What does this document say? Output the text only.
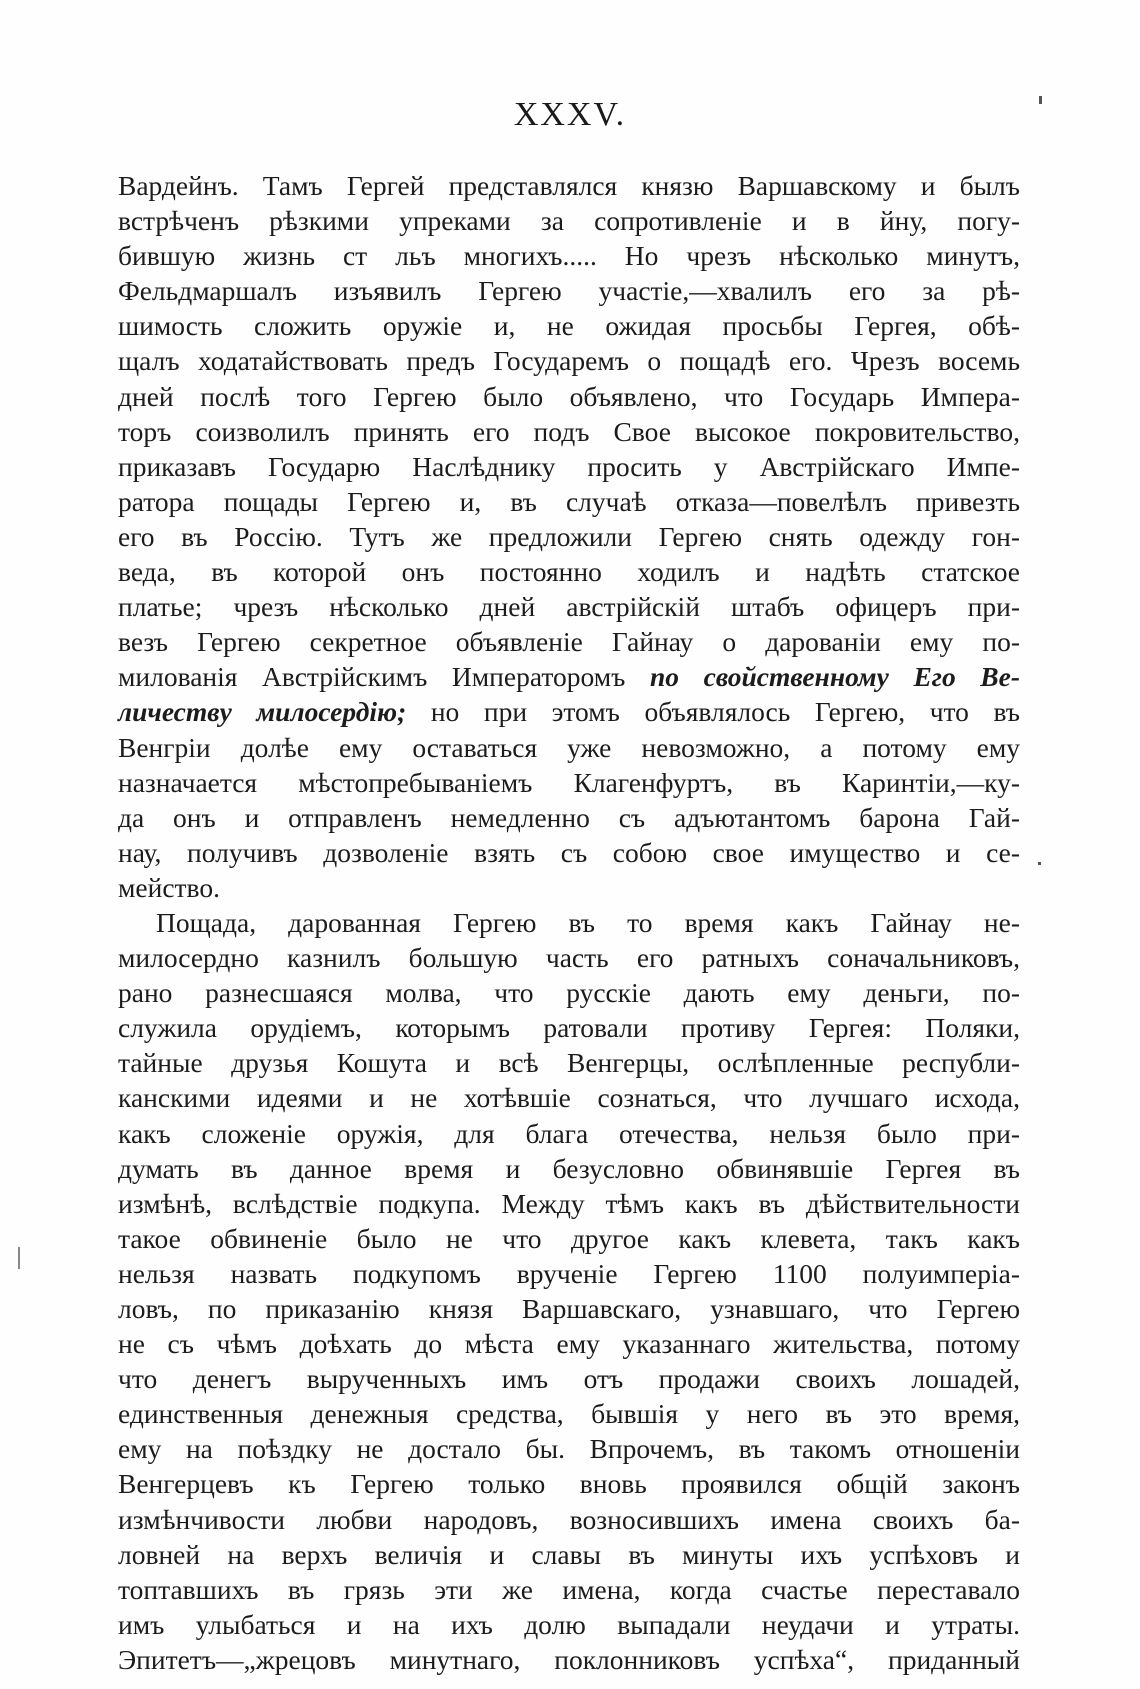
XXXV.
Вардейнъ. Тамъ Гергей представлялся князю Варшавскому и былъ
встрѣченъ рѣзкими упреками за сопротивленіе и в йну, погу-
бившую жизнь ст льъ многихъ..... Но чрезъ нѣсколько минутъ,
Фельдмаршалъ изъявилъ Гергею участіе,—хвалилъ его за рѣ-
шимость сложить оружіе и, не ожидая просьбы Гергея, обѣ-
щалъ ходатайствовать предъ Государемъ о пощадѣ его. Чрезъ восемь
дней послѣ того Гергею было объявлено, что Государь Импера-
торъ соизволилъ принять его подъ Свое высокое покровительство,
приказавъ Государю Наслѣднику просить у Австрійскаго Импе-
ратора пощады Гергею и, въ случаѣ отказа—повелѣлъ привезть
его въ Россію. Тутъ же предложили Гергею снять одежду гон-
веда, въ которой онъ постоянно ходилъ и надѣть статское
платье; чрезъ нѣсколько дней австрійскій штабъ офицеръ при-
везъ Гергею секретное объявленіе Гайнау о дарованіи ему по-
милованія Австрійскимъ Императоромъ по свойственному Его Ве-
личеству милосердію; но при этомъ объявлялось Гергею, что въ
Венгріи долѣе ему оставаться уже невозможно, а потому ему
назначается мѣстопребываніемъ Клагенфуртъ, въ Каринтіи,—ку-
да онъ и отправленъ немедленно съ адъютантомъ барона Гай-
нау, получивъ дозволеніе взять съ собою свое имущество и се-
мейство.
Пощада, дарованная Гергею въ то время какъ Гайнау не-
милосердно казнилъ большую часть его ратныхъ соначальниковъ,
рано разнесшаяся молва, что русскіе дають ему деньги, по-
служила орудіемъ, которымъ ратовали противу Гергея: Поляки,
тайные друзья Кошута и всѣ Венгерцы, ослѣпленные республи-
канскими идеями и не хотѣвшіе сознаться, что лучшаго исхода,
какъ сложеніе оружія, для блага отечества, нельзя было при-
думать въ данное время и безусловно обвинявшіе Гергея въ
измѣнѣ, вслѣдствіе подкупа. Между тѣмъ какъ въ дѣйствительности
такое обвиненіе было не что другое какъ клевета, такъ какъ
нельзя назвать подкупомъ врученіе Гергею 1100 полуимперіа-
ловъ, по приказанію князя Варшавскаго, узнавшаго, что Гергею
не съ чѣмъ доѣхать до мѣста ему указаннаго жительства, потому
что денегъ вырученныхъ имъ отъ продажи своихъ лошадей,
единственныя денежныя средства, бывшія у него въ это время,
ему на поѣздку не достало бы. Впрочемъ, въ такомъ отношеніи
Венгерцевъ къ Гергею только вновь проявился общій законъ
измѣнчивости любви народовъ, возносившихъ имена своихъ ба-
ловней на верхъ величія и славы въ минуты ихъ успѣховъ и
топтавшихъ въ грязь эти же имена, когда счастье переставало
имъ улыбаться и на ихъ долю выпадали неудачи и утраты.
Эпитетъ—„жрецовъ минутнаго, поклонниковъ успѣха“, приданный
